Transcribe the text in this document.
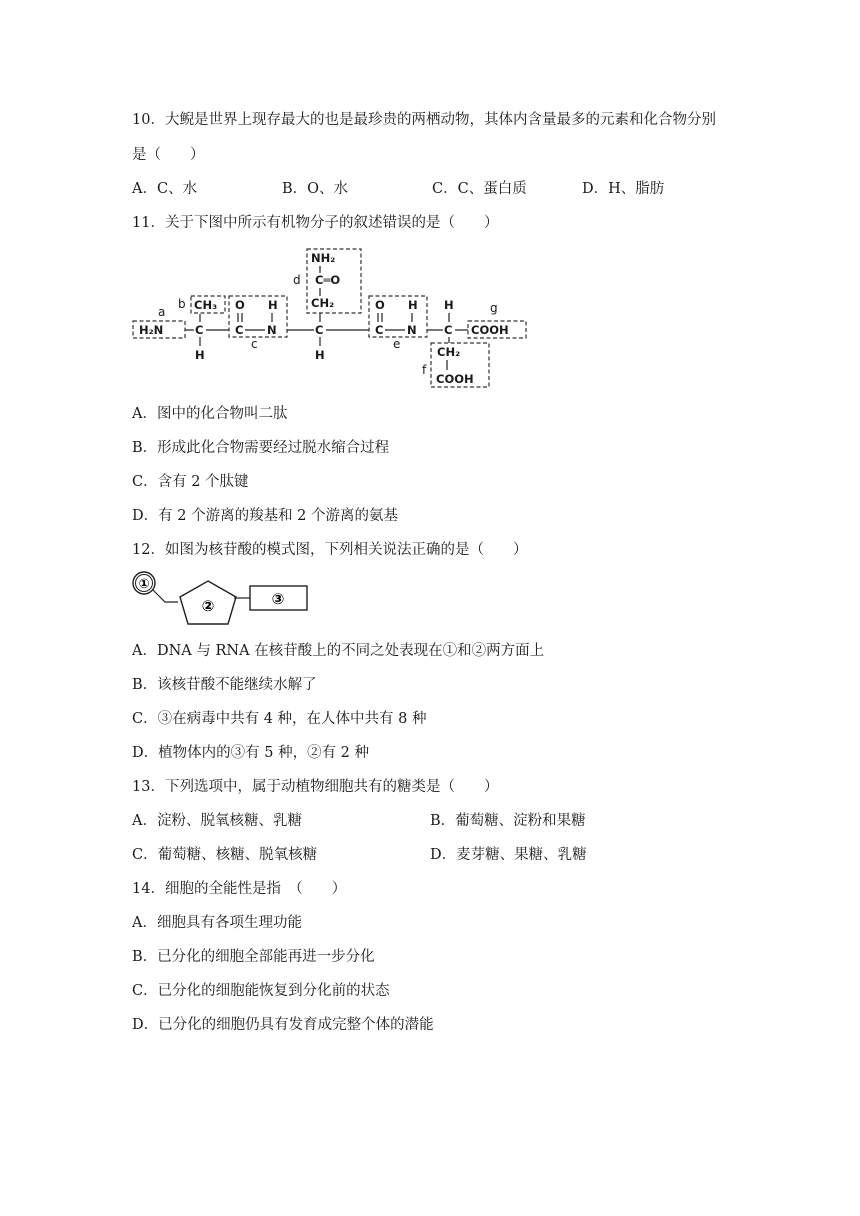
10．大鲵是世界上现存最大的也是最珍贵的两栖动物，其体内含量最多的元素和化合物分别
是（　　）
A．C、水	B．O、水	C．C、蛋白质	D．H、脂肪
11．关于下图中所示有机物分子的叙述错误的是（　　）
a
H₂N	C
H
b CH₃ O
C
H
N
c
C
H
d
NH₂
C═O
CH₂	O
C
H
N
e
H
C
g
COOH
f
CH₂
COOH
A．图中的化合物叫二肽
B．形成此化合物需要经过脱水缩合过程
C．含有 2 个肽键
D．有 2 个游离的羧基和 2 个游离的氨基
12．如图为核苷酸的模式图，下列相关说法正确的是（　　）
①
②	③
A．DNA 与 RNA 在核苷酸上的不同之处表现在①和②两方面上
B．该核苷酸不能继续水解了
C．③在病毒中共有 4 种，在人体中共有 8 种
D．植物体内的③有 5 种，②有 2 种
13．下列选项中，属于动植物细胞共有的糖类是（　　）
A．淀粉、脱氧核糖、乳糖	B．葡萄糖、淀粉和果糖
C．葡萄糖、核糖、脱氧核糖	D．麦芽糖、果糖、乳糖
14．细胞的全能性是指　（　　）
A．细胞具有各项生理功能
B．已分化的细胞全部能再进一步分化
C．已分化的细胞能恢复到分化前的状态
D．已分化的细胞仍具有发育成完整个体的潜能
